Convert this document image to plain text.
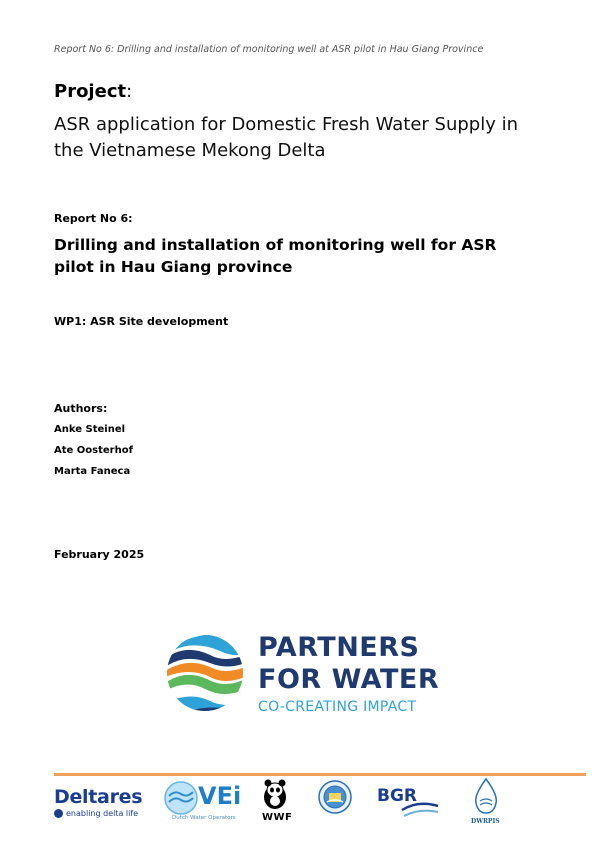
Report No 6: Drilling and installation of monitoring well at ASR pilot in Hau Giang Province
Project:
ASR application for Domestic Fresh Water Supply in
the Vietnamese Mekong Delta
Report No 6:
Drilling and installation of monitoring well for ASR
pilot in Hau Giang province
WP1: ASR Site development
Authors:
Anke Steinel
Ate Oosterhof
Marta Faneca
February 2025
PARTNERS
FOR WATER
CO-CREATING IMPACT
Deltares
enabling delta life
VEi
Dutch Water Operators	WWF
BGR
DWRPIS
